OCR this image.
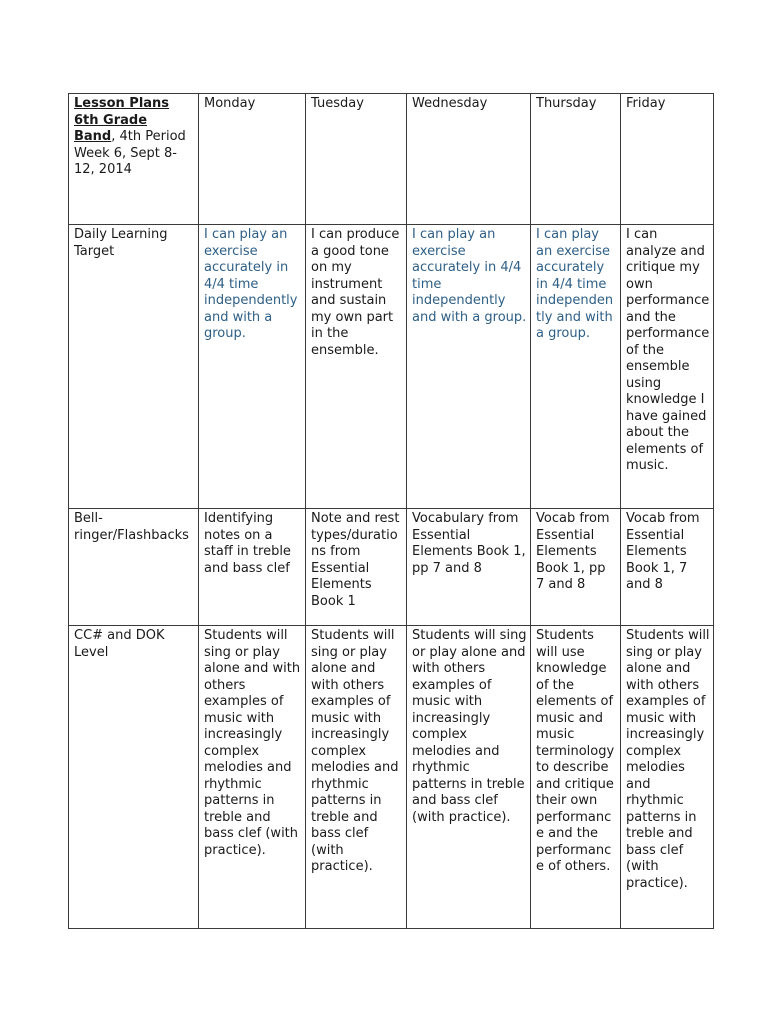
Lesson Plans
6th Grade
Band, 4th Period
Week 6, Sept 8-12, 2014	Monday	Tuesday	Wednesday	Thursday	Friday
Daily Learning Target	I can play an exercise accurately in 4/4 time independently and with a group.	I can produce a good tone on my instrument and sustain my own part in the ensemble.	I can play an exercise accurately in 4/4 time independently and with a group.	I can play an exercise accurately in 4/4 time independently and with a group.	I can analyze and critique my own performance and the performance of the ensemble using knowledge I have gained about the elements of music.
Bell-ringer/Flashbacks	Identifying notes on a staff in treble and bass clef	Note and rest types/durations from Essential Elements Book 1	Vocabulary from Essential Elements Book 1, pp 7 and 8	Vocab from Essential Elements Book 1, pp 7 and 8	Vocab from Essential Elements Book 1, 7 and 8
CC# and DOK Level	Students will sing or play alone and with others examples of music with increasingly complex melodies and rhythmic patterns in treble and bass clef (with practice).	Students will sing or play alone and with others examples of music with increasingly complex melodies and rhythmic patterns in treble and bass clef (with practice).	Students will sing or play alone and with others examples of music with increasingly complex melodies and rhythmic patterns in treble and bass clef (with practice).	Students will use knowledge of the elements of music and music terminology to describe and critique their own performance and the performance of others.	Students will sing or play alone and with others examples of music with increasingly complex melodies and rhythmic patterns in treble and bass clef (with practice).
